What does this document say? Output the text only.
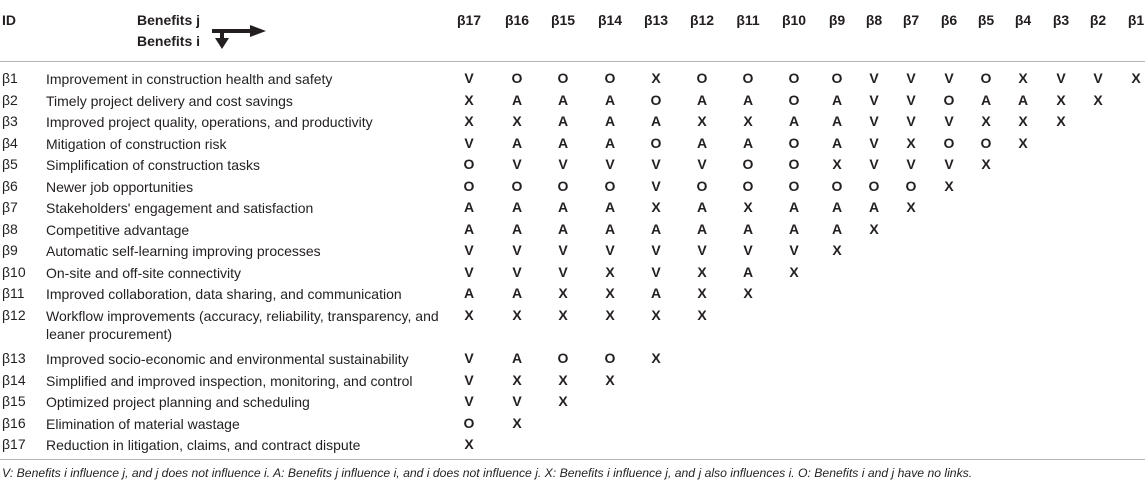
ID	Benefits j
Benefits i
β17 β16 β15 β14 β13 β12 β11 β10	β9	β8	β7	β6	β5	β4	β3	β2	β1
β1 Improvement in construction health and safety	V	O	O	O	X	O	O	O	O	V	V	V	O	X	V	V	X
β2 Timely project delivery and cost savings	X	A	A	A	O	A	A	O	A	V	V	O	A	A	X	X
β3 Improved project quality, operations, and productivity	X	X	A	A	A	X	X	A	A	V	V	V	X	X	X
β4 Mitigation of construction risk	V	A	A	A	O	A	A	O	A	V	X	O	O	X
β5 Simplification of construction tasks	O	V	V	V	V	V	O	O	X	V	V	V	X
β6 Newer job opportunities	O	O	O	O	V	O	O	O	O	O	O	X
β7 Stakeholders' engagement and satisfaction	A	A	A	A	X	A	X	A	A	A	X
β8 Competitive advantage	A	A	A	A	A	A	A	A	A	X
β9 Automatic self-learning improving processes	V	V	V	V	V	V	V	V	X
β10 On-site and off-site connectivity	V	V	V	X	V	X	A	X
β11 Improved collaboration, data sharing, and communication	A	A	X	X	A	X	X
β12 Workflow improvements (accuracy, reliability, transparency, and leaner procurement)
X	X	X	X	X	X
β13 Improved socio-economic and environmental sustainability	V	A	O	O	X
β14 Simplified and improved inspection, monitoring, and control	V	X	X	X
β15 Optimized project planning and scheduling	V	V	X
β16 Elimination of material wastage	O	X
β17 Reduction in litigation, claims, and contract dispute	X
V: Benefits i influence j, and j does not influence i. A: Benefits j influence i, and i does not influence j. X: Benefits i influence j, and j also influences i. O: Benefits i and j have no links.
